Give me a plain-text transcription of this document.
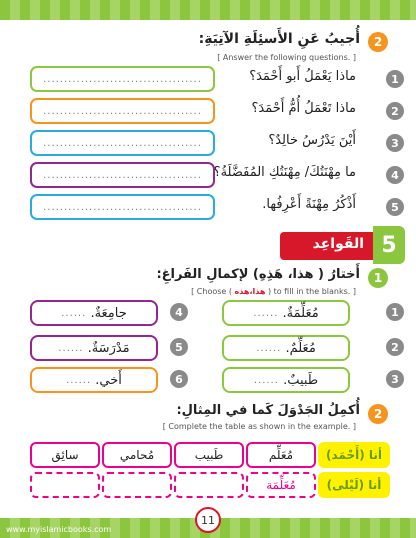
2
أُجيبُ عَنِ الأَسئِلَةِ الآتِيَةِ:
[ Answer the following questions. ]
1
ماذا يَعْمَلُ أَبو أَحْمَدَ؟
......................................
2
ماذا تَعْمَلُ أُمُّ أَحْمَدَ؟
......................................
3
أَيْنَ يَدْرُسُ خالِدٌ؟
......................................
4
ما مِهْنَتُكَ/ مِهْنَتُكِ المُفَضَّلَةُ؟
......................................
5
أَذْكُرُ مِهْنَةً أَعْرِفُها.
......................................
القَواعِد 5
1
أَختارُ ( هذا، هَذِهِ) لإكمالِ الفَراغِ:
[ Choose ( هذا،هذه ) to fill in the blanks. ]
1
مُعَلِّمَةٌ.

......
2
مُعَلِّمٌ.

......
3
طَبيبٌ.

......
4
جامِعَةٌ.

......
5
مَدْرَسَةٌ.

......
6
أَخي.

......
2
أُكمِلُ الجَدْوَلَ كَما في المِثالِ:
[ Complete the table as shown in the example. ]
أنا (أَحْمَد)
مُعَلِّم
طَبيب
مُحامي
سائِق
أنا (لَيْلى)
مُعَلِّمَة
www.myislamicbooks.com
11
